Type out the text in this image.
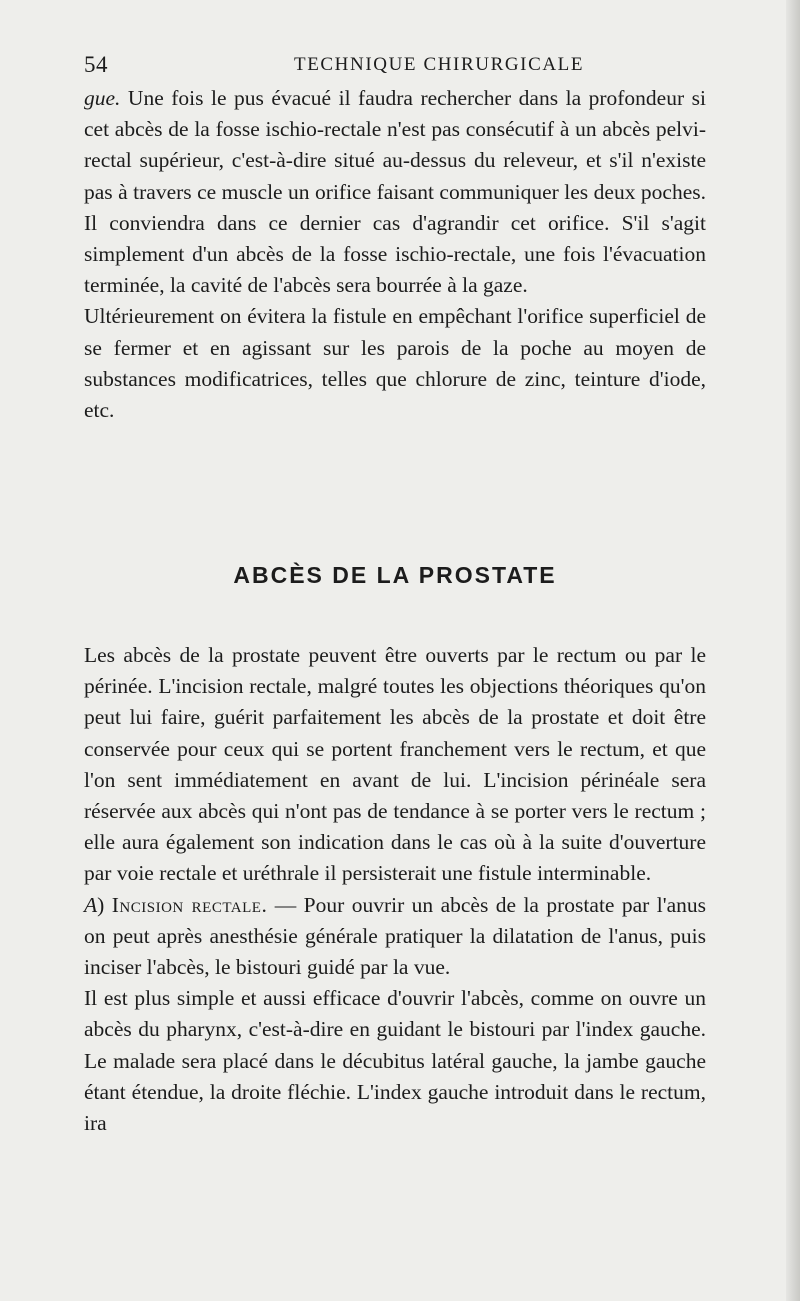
54	TECHNIQUE CHIRURGICALE

gue. Une fois le pus évacué il faudra rechercher dans la profondeur si cet abcès de la fosse ischio-rectale n'est pas consécutif à un abcès pelvi-rectal supérieur, c'est-à-dire situé au-dessus du releveur, et s'il n'existe pas à travers ce muscle un orifice faisant communiquer les deux poches. Il conviendra dans ce dernier cas d'agrandir cet orifice. S'il s'agit simplement d'un abcès de la fosse ischio-rectale, une fois l'évacuation terminée, la cavité de l'abcès sera bourrée à la gaze.

Ultérieurement on évitera la fistule en empêchant l'orifice superficiel de se fermer et en agissant sur les parois de la poche au moyen de substances modificatrices, telles que chlorure de zinc, teinture d'iode, etc.

ABCÈS DE LA PROSTATE

Les abcès de la prostate peuvent être ouverts par le rectum ou par le périnée. L'incision rectale, malgré toutes les objections théoriques qu'on peut lui faire, guérit parfaitement les abcès de la prostate et doit être conservée pour ceux qui se portent franchement vers le rectum, et que l'on sent immédiatement en avant de lui. L'incision périnéale sera réservée aux abcès qui n'ont pas de tendance à se porter vers le rectum ; elle aura également son indication dans le cas où à la suite d'ouverture par voie rectale et uréthrale il persisterait une fistule interminable.

A) Incision rectale. — Pour ouvrir un abcès de la prostate par l'anus on peut après anesthésie générale pratiquer la dilatation de l'anus, puis inciser l'abcès, le bistouri guidé par la vue.

Il est plus simple et aussi efficace d'ouvrir l'abcès, comme on ouvre un abcès du pharynx, c'est-à-dire en guidant le bistouri par l'index gauche. Le malade sera placé dans le décubitus latéral gauche, la jambe gauche étant étendue, la droite fléchie. L'index gauche introduit dans le rectum, ira
